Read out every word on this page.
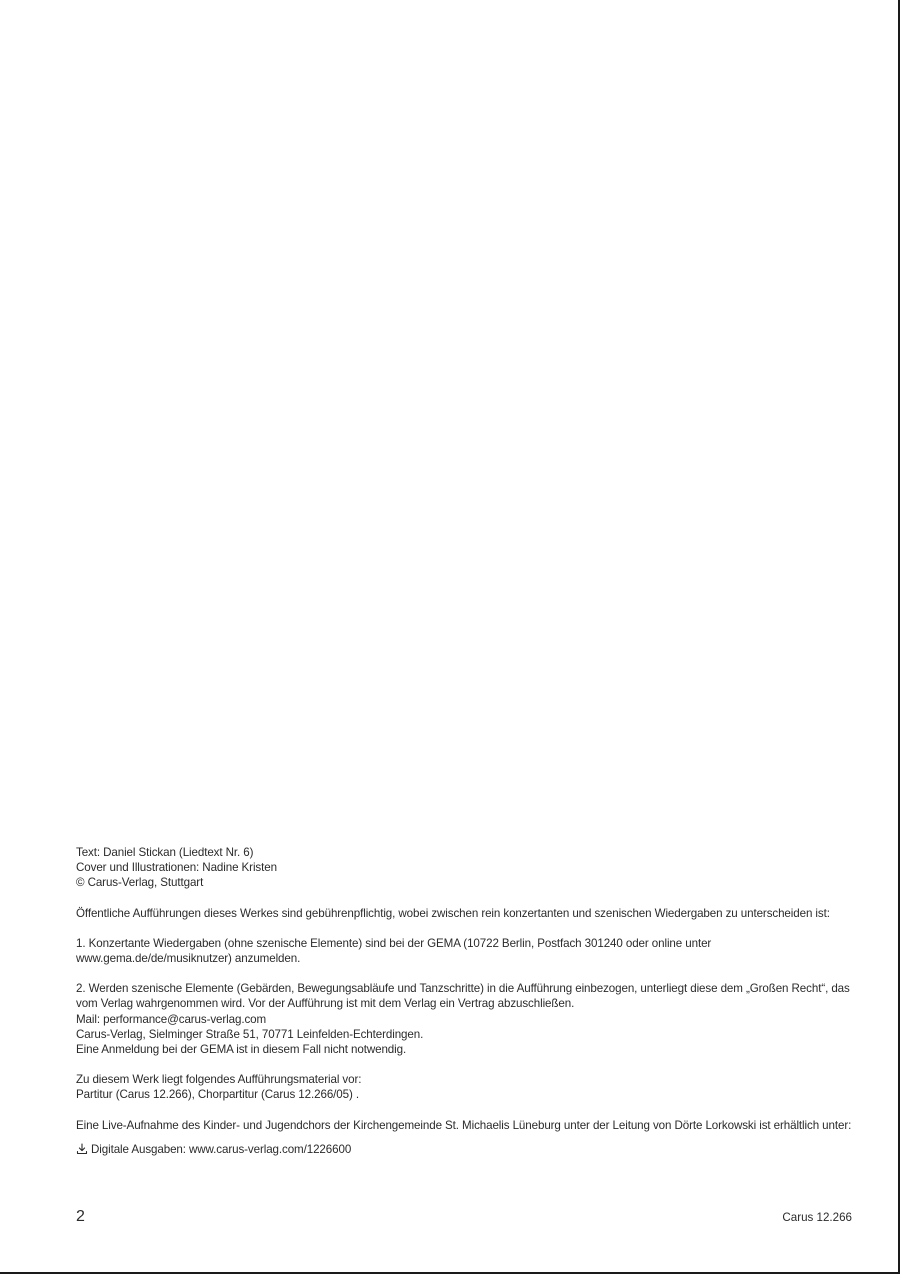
Text: Daniel Stickan (Liedtext Nr. 6)
Cover und Illustrationen: Nadine Kristen
© Carus-Verlag, Stuttgart
Öffentliche Aufführungen dieses Werkes sind gebührenpflichtig, wobei zwischen rein konzertanten und szenischen Wiedergaben zu unterscheiden ist:
1. Konzertante Wiedergaben (ohne szenische Elemente) sind bei der GEMA (10722 Berlin, Postfach 301240 oder online unter www.gema.de/de/musiknutzer) anzumelden.
2. Werden szenische Elemente (Gebärden, Bewegungsabläufe und Tanzschritte) in die Aufführung einbezogen, unterliegt diese dem „Großen Recht“, das vom Verlag wahrgenommen wird. Vor der Aufführung ist mit dem Verlag ein Vertrag abzuschließen.
Mail: performance@carus-verlag.com
Carus-Verlag, Sielminger Straße 51, 70771 Leinfelden-Echterdingen.
Eine Anmeldung bei der GEMA ist in diesem Fall nicht notwendig.
Zu diesem Werk liegt folgendes Aufführungsmaterial vor:
Partitur (Carus 12.266), Chorpartitur (Carus 12.266/05) .
Eine Live-Aufnahme des Kinder- und Jugendchors der Kirchengemeinde St. Michaelis Lüneburg unter der Leitung von Dörte Lorkowski ist erhältlich unter:
Digitale Ausgaben: www.carus-verlag.com/1226600
2	Carus 12.266
